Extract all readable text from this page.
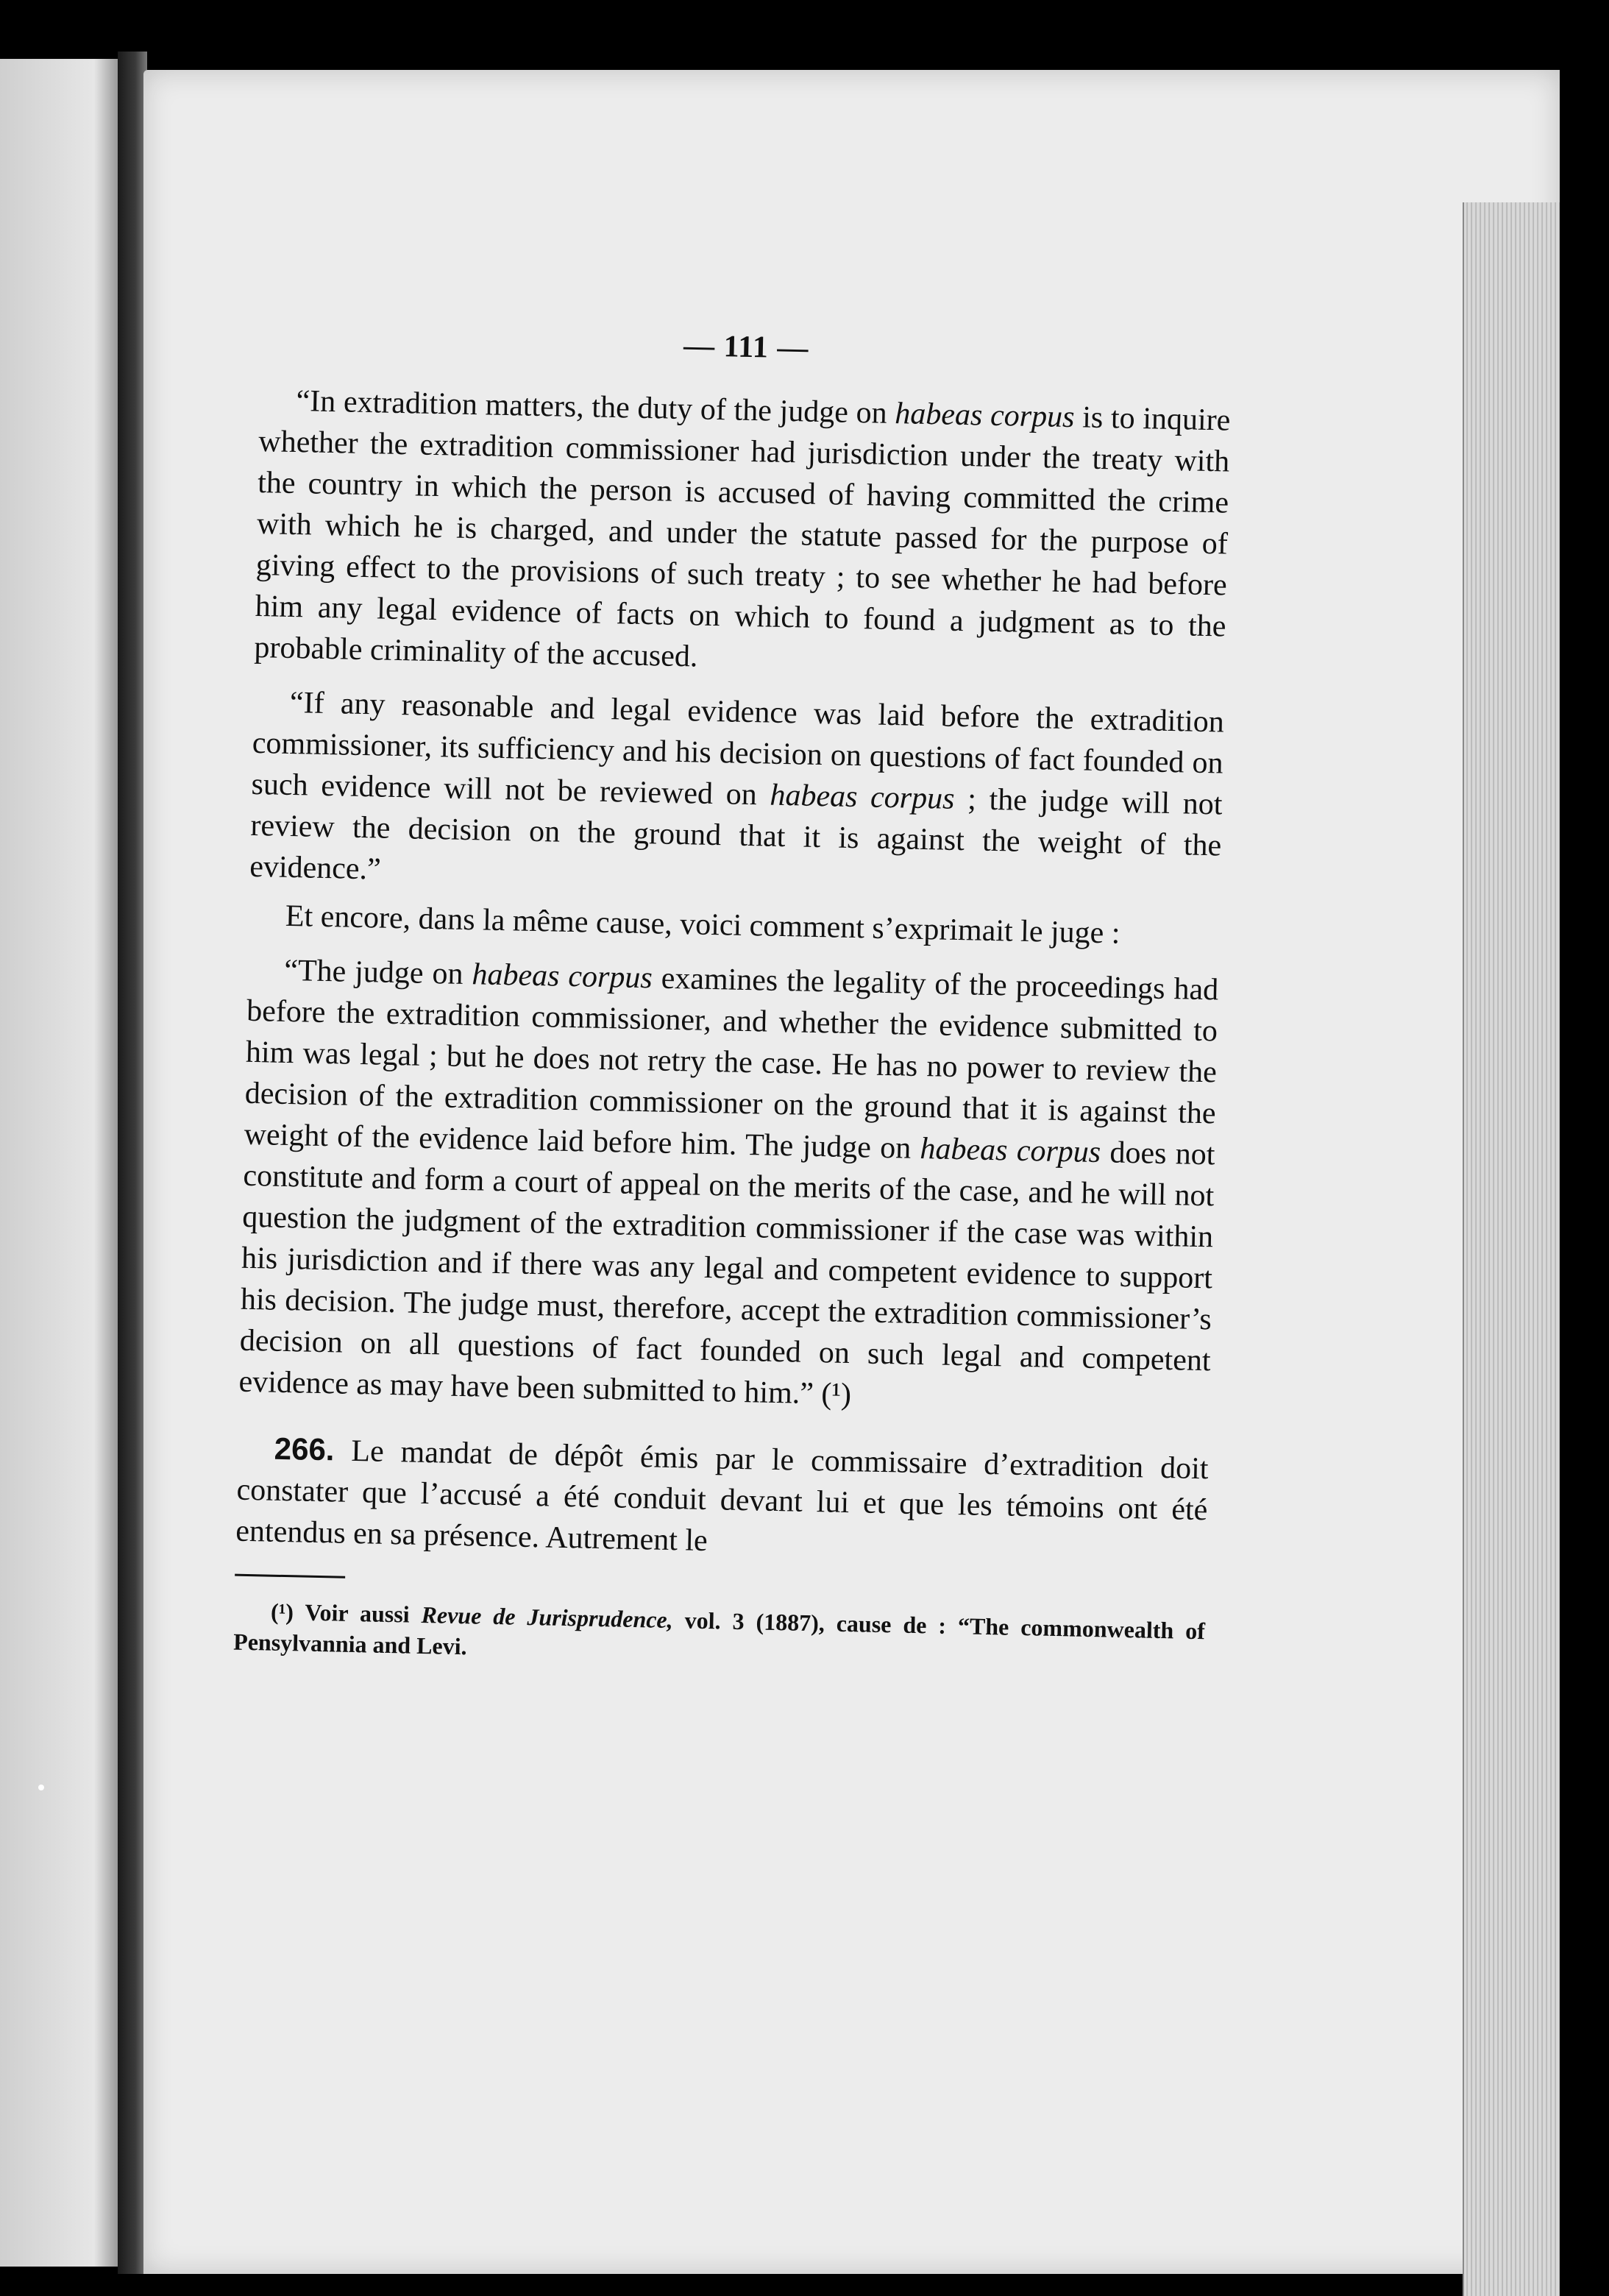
— 111 —

“In extradition matters, the duty of the judge on habeas corpus is to inquire whether the extradition commissioner had jurisdiction under the treaty with the country in which the person is accused of having committed the crime with which he is charged, and under the statute passed for the purpose of giving effect to the provisions of such treaty ; to see whether he had before him any legal evidence of facts on which to found a judgment as to the probable criminality of the accused.

“If any reasonable and legal evidence was laid before the extradition commissioner, its sufficiency and his decision on questions of fact founded on such evidence will not be reviewed on habeas corpus ; the judge will not review the decision on the ground that it is against the weight of the evidence.”

Et encore, dans la même cause, voici comment s’exprimait le juge :

“The judge on habeas corpus examines the legality of the proceedings had before the extradition commissioner, and whether the evidence submitted to him was legal ; but he does not retry the case. He has no power to review the decision of the extradition commissioner on the ground that it is against the weight of the evidence laid before him. The judge on habeas corpus does not constitute and form a court of appeal on the merits of the case, and he will not question the judgment of the extradition commissioner if the case was within his jurisdiction and if there was any legal and competent evidence to support his decision. The judge must, therefore, accept the extradition commissioner’s decision on all questions of fact founded on such legal and competent evidence as may have been submitted to him.” (¹)

266. Le mandat de dépôt émis par le commissaire d’extradition doit constater que l’accusé a été conduit devant lui et que les témoins ont été entendus en sa présence. Autrement le

(¹) Voir aussi Revue de Jurisprudence, vol. 3 (1887), cause de : “The commonwealth of Pensylvannia and Levi.
